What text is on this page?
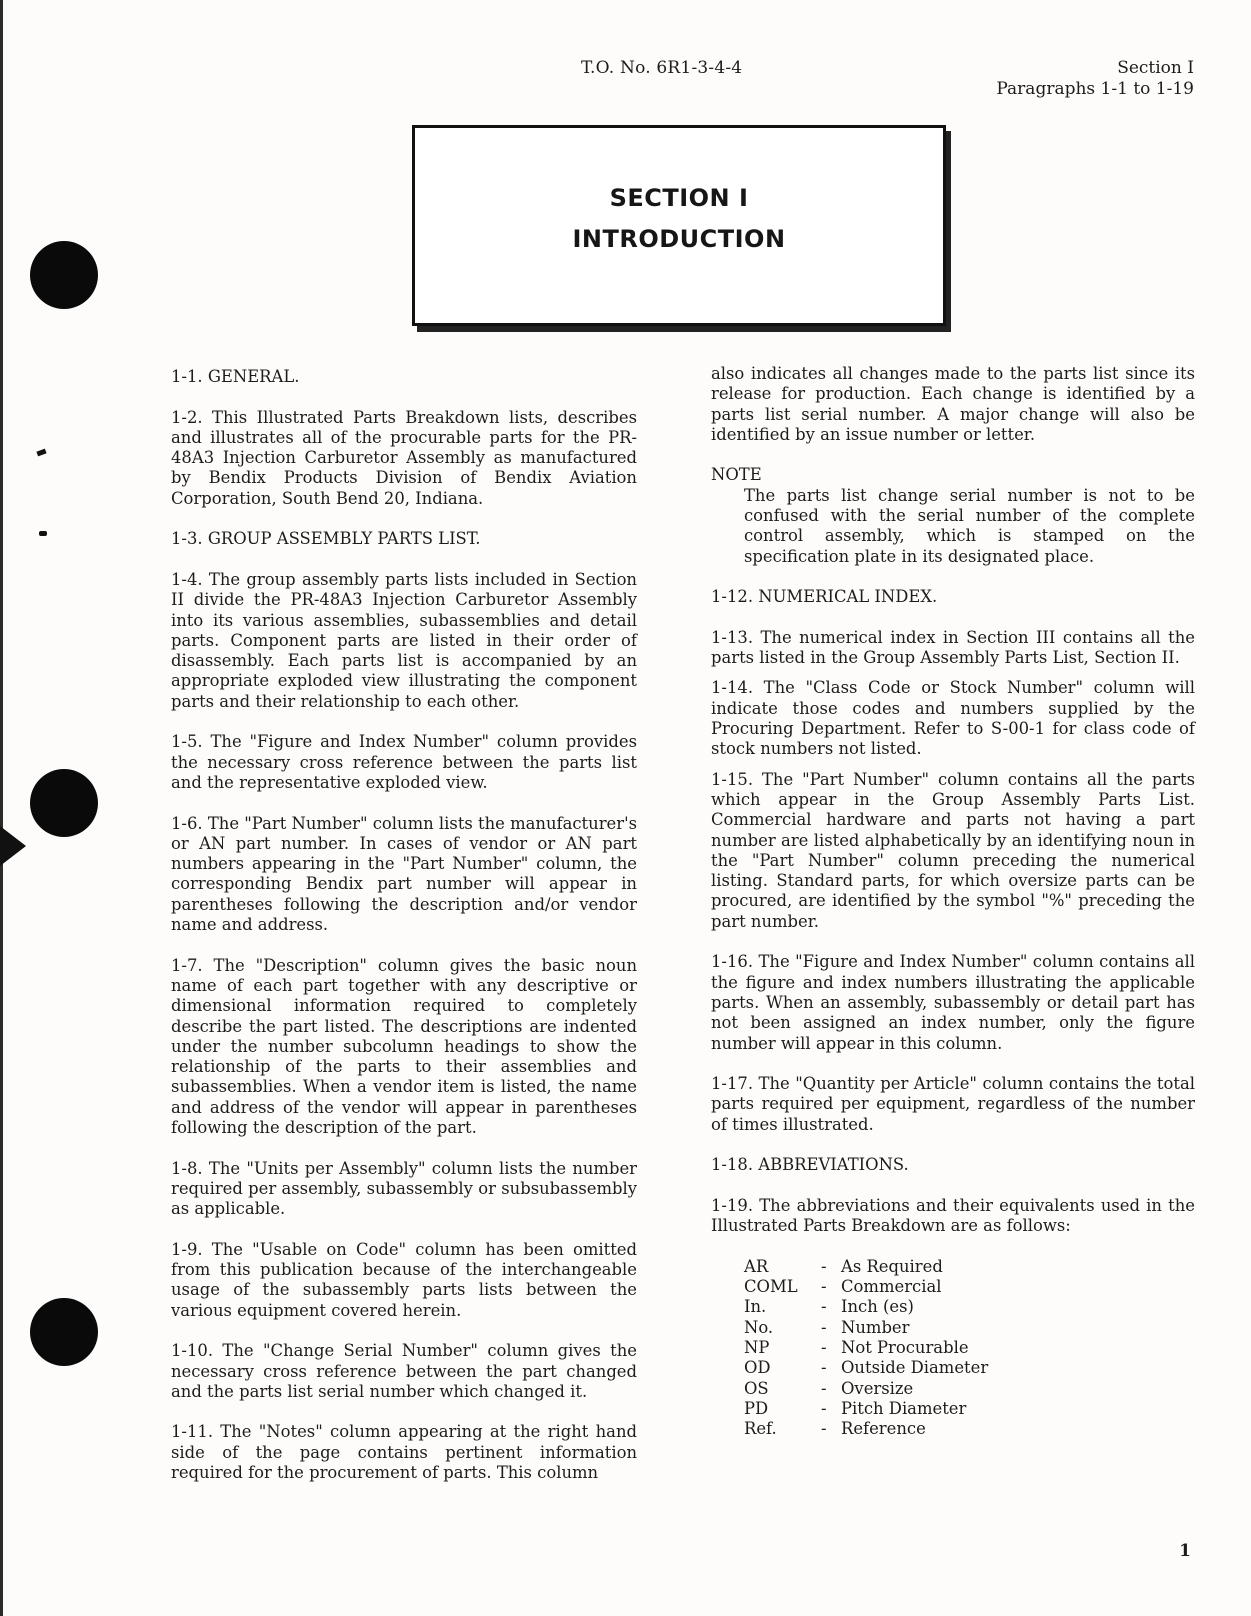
T.O. No. 6R1-3-4-4	Section I
Paragraphs 1-1 to 1-19
SECTION I
INTRODUCTION

1-1. GENERAL.

1-2. This Illustrated Parts Breakdown lists, describes and illustrates all of the procurable parts for the PR-48A3 Injection Carburetor Assembly as manufactured by Bendix Products Division of Bendix Aviation Corporation, South Bend 20, Indiana.

1-3. GROUP ASSEMBLY PARTS LIST.

1-4. The group assembly parts lists included in Section II divide the PR-48A3 Injection Carburetor Assembly into its various assemblies, subassemblies and detail parts. Component parts are listed in their order of disassembly. Each parts list is accompanied by an appropriate exploded view illustrating the component parts and their relationship to each other.

1-5. The "Figure and Index Number" column provides the necessary cross reference between the parts list and the representative exploded view.

1-6. The "Part Number" column lists the manufacturer's or AN part number. In cases of vendor or AN part numbers appearing in the "Part Number" column, the corresponding Bendix part number will appear in parentheses following the description and/or vendor name and address.

1-7. The "Description" column gives the basic noun name of each part together with any descriptive or dimensional information required to completely describe the part listed. The descriptions are indented under the number subcolumn headings to show the relationship of the parts to their assemblies and subassemblies. When a vendor item is listed, the name and address of the vendor will appear in parentheses following the description of the part.

1-8. The "Units per Assembly" column lists the number required per assembly, subassembly or subsubassembly as applicable.

1-9. The "Usable on Code" column has been omitted from this publication because of the interchangeable usage of the subassembly parts lists between the various equipment covered herein.

1-10. The "Change Serial Number" column gives the necessary cross reference between the part changed and the parts list serial number which changed it.

1-11. The "Notes" column appearing at the right hand side of the page contains pertinent information required for the procurement of parts. This column

also indicates all changes made to the parts list since its release for production. Each change is identified by a parts list serial number. A major change will also be identified by an issue number or letter.

NOTE

The parts list change serial number is not to be confused with the serial number of the complete control assembly, which is stamped on the specification plate in its designated place.

1-12. NUMERICAL INDEX.

1-13. The numerical index in Section III contains all the parts listed in the Group Assembly Parts List, Section II.

1-14. The "Class Code or Stock Number" column will indicate those codes and numbers supplied by the Procuring Department. Refer to S-00-1 for class code of stock numbers not listed.

1-15. The "Part Number" column contains all the parts which appear in the Group Assembly Parts List. Commercial hardware and parts not having a part number are listed alphabetically by an identifying noun in the "Part Number" column preceding the numerical listing. Standard parts, for which oversize parts can be procured, are identified by the symbol "%" preceding the part number.

1-16. The "Figure and Index Number" column contains all the figure and index numbers illustrating the applicable parts. When an assembly, subassembly or detail part has not been assigned an index number, only the figure number will appear in this column.

1-17. The "Quantity per Article" column contains the total parts required per equipment, regardless of the number of times illustrated.

1-18. ABBREVIATIONS.

1-19. The abbreviations and their equivalents used in the Illustrated Parts Breakdown are as follows:

AR	- As Required
COML	- Commercial
In.	- Inch (es)
No.	- Number
NP	- Not Procurable
OD	- Outside Diameter
OS	- Oversize
PD	- Pitch Diameter
Ref.	- Reference
1
